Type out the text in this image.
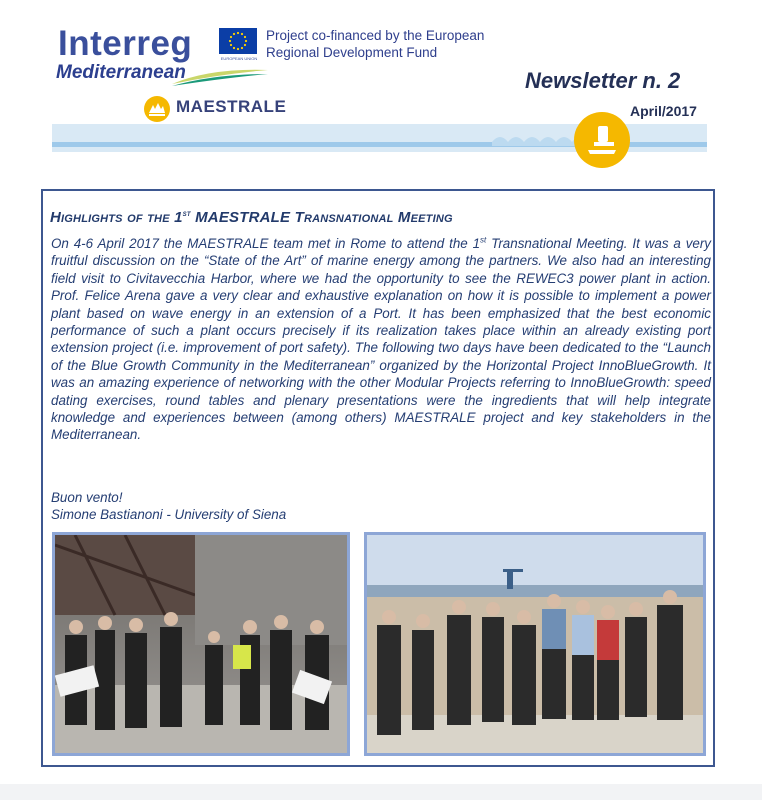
Interreg	EUROPEAN UNION
Project co-financed by the European Regional Development Fund
Mediterranean
MAESTRALE
Newsletter n. 2
April/2017
Highlights of the 1st MAESTRALE Transnational Meeting
On 4-6 April 2017 the MAESTRALE team met in Rome to attend the 1st Transnational Meeting. It was a very fruitful discussion on the “State of the Art” of marine energy among the partners. We also had an interesting field visit to Civitavecchia Harbor, where we had the opportunity to see the REWEC3 power plant in action. Prof. Felice Arena gave a very clear and exhaustive explanation on how it is possible to implement a power plant based on wave energy in an extension of a Port. It has been emphasized that the best economic performance of such a plant occurs precisely if its realization takes place within an already existing port extension project (i.e. improvement of port safety). The following two days have been dedicated to the “Launch of the Blue Growth Community in the Mediterranean” organized by the Horizontal Project InnoBlueGrowth. It was an amazing experience of networking with the other Modular Projects referring to InnoBlueGrowth: speed dating exercises, round tables and plenary presentations were the ingredients that will help integrate knowledge and experiences between (among others) MAESTRALE project and key stakeholders in the Mediterranean.
Buon vento!
Simone Bastianoni - University of Siena
